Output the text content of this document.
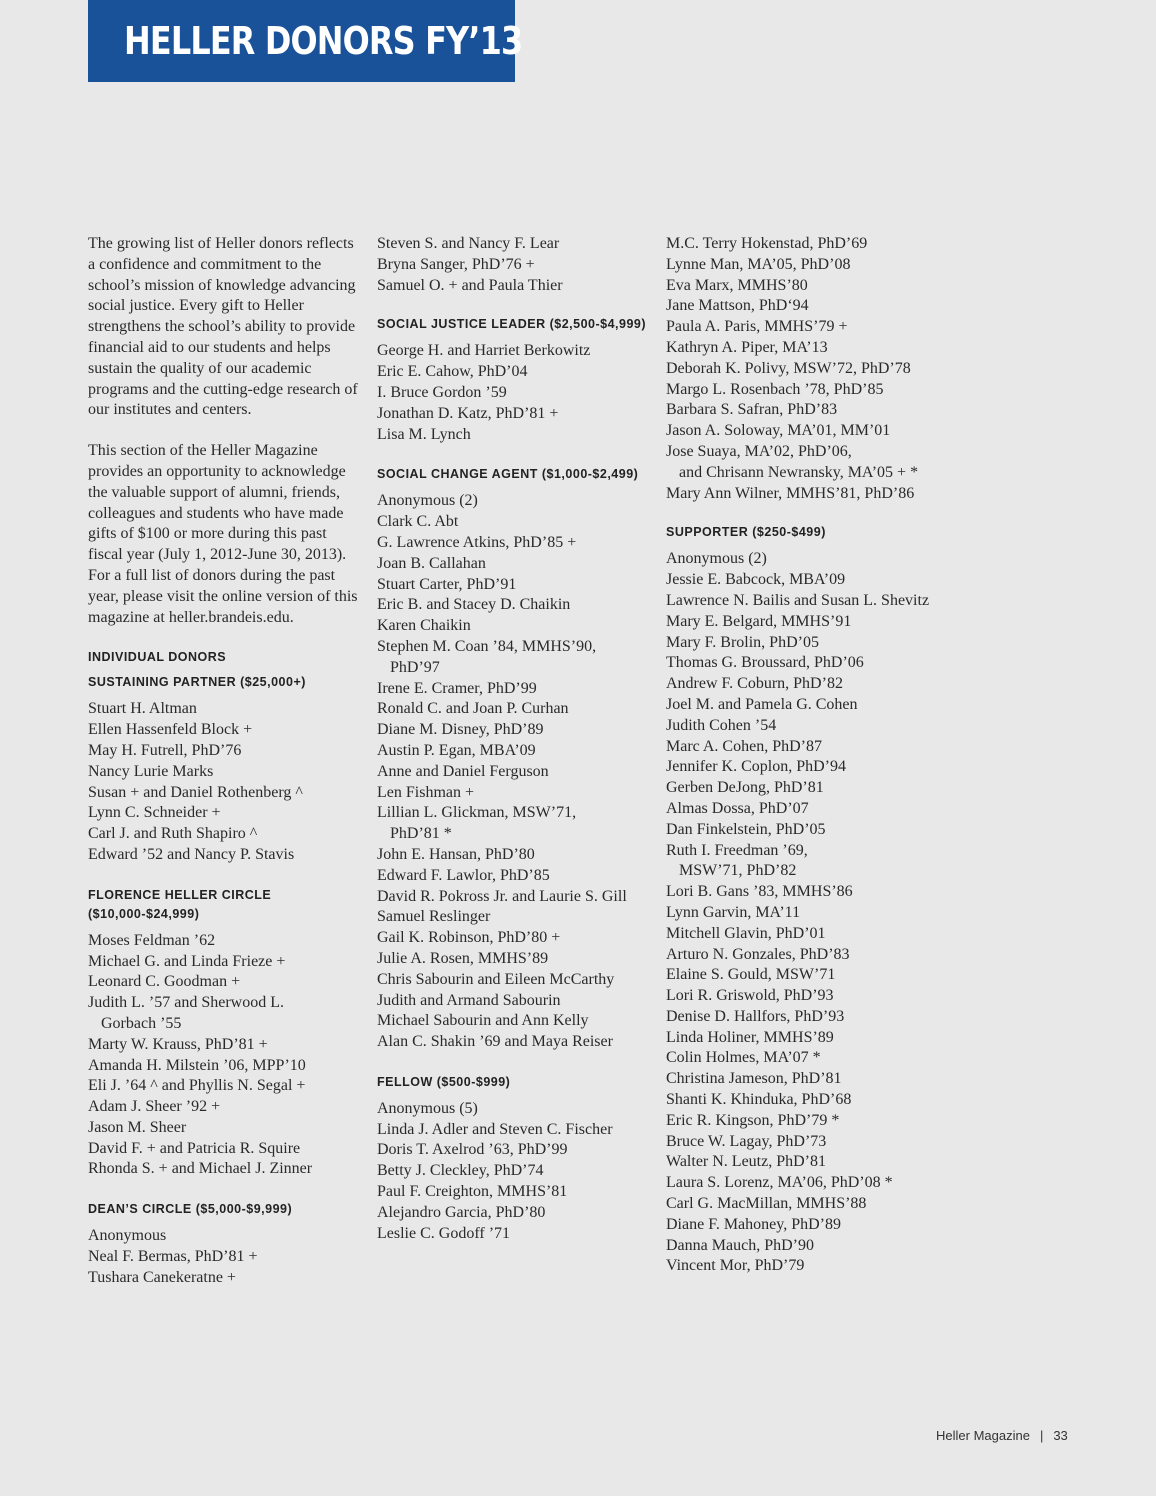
HELLER DONORS FY’13

The growing list of Heller donors reflects a confidence and commitment to the school’s mission of knowledge advancing social justice. Every gift to Heller strengthens the school’s ability to provide financial aid to our students and helps sustain the quality of our academic programs and the cutting-edge research of our institutes and centers.

This section of the Heller Magazine provides an opportunity to acknowledge the valuable support of alumni, friends, colleagues and students who have made gifts of $100 or more during this past fiscal year (July 1, 2012-June 30, 2013). For a full list of donors during the past year, please visit the online version of this magazine at heller.brandeis.edu.

INDIVIDUAL DONORS
SUSTAINING PARTNER ($25,000+)
Stuart H. Altman
Ellen Hassenfeld Block +
May H. Futrell, PhD’76
Nancy Lurie Marks
Susan + and Daniel Rothenberg ^
Lynn C. Schneider +
Carl J. and Ruth Shapiro ^
Edward ’52 and Nancy P. Stavis
FLORENCE HELLER CIRCLE ($10,000-$24,999)
Moses Feldman ’62
Michael G. and Linda Frieze +
Leonard C. Goodman +
Judith L. ’57 and Sherwood L.
Gorbach ’55
Marty W. Krauss, PhD’81 +
Amanda H. Milstein ’06, MPP’10
Eli J. ’64 ^ and Phyllis N. Segal +
Adam J. Sheer ’92 +
Jason M. Sheer
David F. + and Patricia R. Squire
Rhonda S. + and Michael J. Zinner
DEAN’S CIRCLE ($5,000-$9,999)
Anonymous
Neal F. Bermas, PhD’81 +
Tushara Canekeratne +
Steven S. and Nancy F. Lear
Bryna Sanger, PhD’76 +
Samuel O. + and Paula Thier
SOCIAL JUSTICE LEADER ($2,500-$4,999)
George H. and Harriet Berkowitz
Eric E. Cahow, PhD’04
I. Bruce Gordon ’59
Jonathan D. Katz, PhD’81 +
Lisa M. Lynch
SOCIAL CHANGE AGENT ($1,000-$2,499)
Anonymous (2)
Clark C. Abt
G. Lawrence Atkins, PhD’85 +
Joan B. Callahan
Stuart Carter, PhD’91
Eric B. and Stacey D. Chaikin
Karen Chaikin
Stephen M. Coan ’84, MMHS’90,
PhD’97
Irene E. Cramer, PhD’99
Ronald C. and Joan P. Curhan
Diane M. Disney, PhD’89
Austin P. Egan, MBA’09
Anne and Daniel Ferguson
Len Fishman +
Lillian L. Glickman, MSW’71,
PhD’81 *
John E. Hansan, PhD’80
Edward F. Lawlor, PhD’85
David R. Pokross Jr. and Laurie S. Gill
Samuel Reslinger
Gail K. Robinson, PhD’80 +
Julie A. Rosen, MMHS’89
Chris Sabourin and Eileen McCarthy
Judith and Armand Sabourin
Michael Sabourin and Ann Kelly
Alan C. Shakin ’69 and Maya Reiser
FELLOW ($500-$999)
Anonymous (5)
Linda J. Adler and Steven C. Fischer
Doris T. Axelrod ’63, PhD’99
Betty J. Cleckley, PhD’74
Paul F. Creighton, MMHS’81
Alejandro Garcia, PhD’80
Leslie C. Godoff ’71
M.C. Terry Hokenstad, PhD’69
Lynne Man, MA’05, PhD’08
Eva Marx, MMHS’80
Jane Mattson, PhD‘94
Paula A. Paris, MMHS’79 +
Kathryn A. Piper, MA’13
Deborah K. Polivy, MSW’72, PhD’78
Margo L. Rosenbach ’78, PhD’85
Barbara S. Safran, PhD’83
Jason A. Soloway, MA’01, MM’01
Jose Suaya, MA’02, PhD’06,
and Chrisann Newransky, MA’05 + *
Mary Ann Wilner, MMHS’81, PhD’86
SUPPORTER ($250-$499)
Anonymous (2)
Jessie E. Babcock, MBA’09
Lawrence N. Bailis and Susan L. Shevitz
Mary E. Belgard, MMHS’91
Mary F. Brolin, PhD’05
Thomas G. Broussard, PhD’06
Andrew F. Coburn, PhD’82
Joel M. and Pamela G. Cohen
Judith Cohen ’54
Marc A. Cohen, PhD’87
Jennifer K. Coplon, PhD’94
Gerben DeJong, PhD’81
Almas Dossa, PhD’07
Dan Finkelstein, PhD’05
Ruth I. Freedman ’69,
MSW’71, PhD’82
Lori B. Gans ’83, MMHS’86
Lynn Garvin, MA’11
Mitchell Glavin, PhD’01
Arturo N. Gonzales, PhD’83
Elaine S. Gould, MSW’71
Lori R. Griswold, PhD’93
Denise D. Hallfors, PhD’93
Linda Holiner, MMHS’89
Colin Holmes, MA’07 *
Christina Jameson, PhD’81
Shanti K. Khinduka, PhD’68
Eric R. Kingson, PhD’79 *
Bruce W. Lagay, PhD’73
Walter N. Leutz, PhD’81
Laura S. Lorenz, MA’06, PhD’08 *
Carl G. MacMillan, MMHS’88
Diane F. Mahoney, PhD’89
Danna Mauch, PhD’90
Vincent Mor, PhD’79
Heller Magazine | 33
